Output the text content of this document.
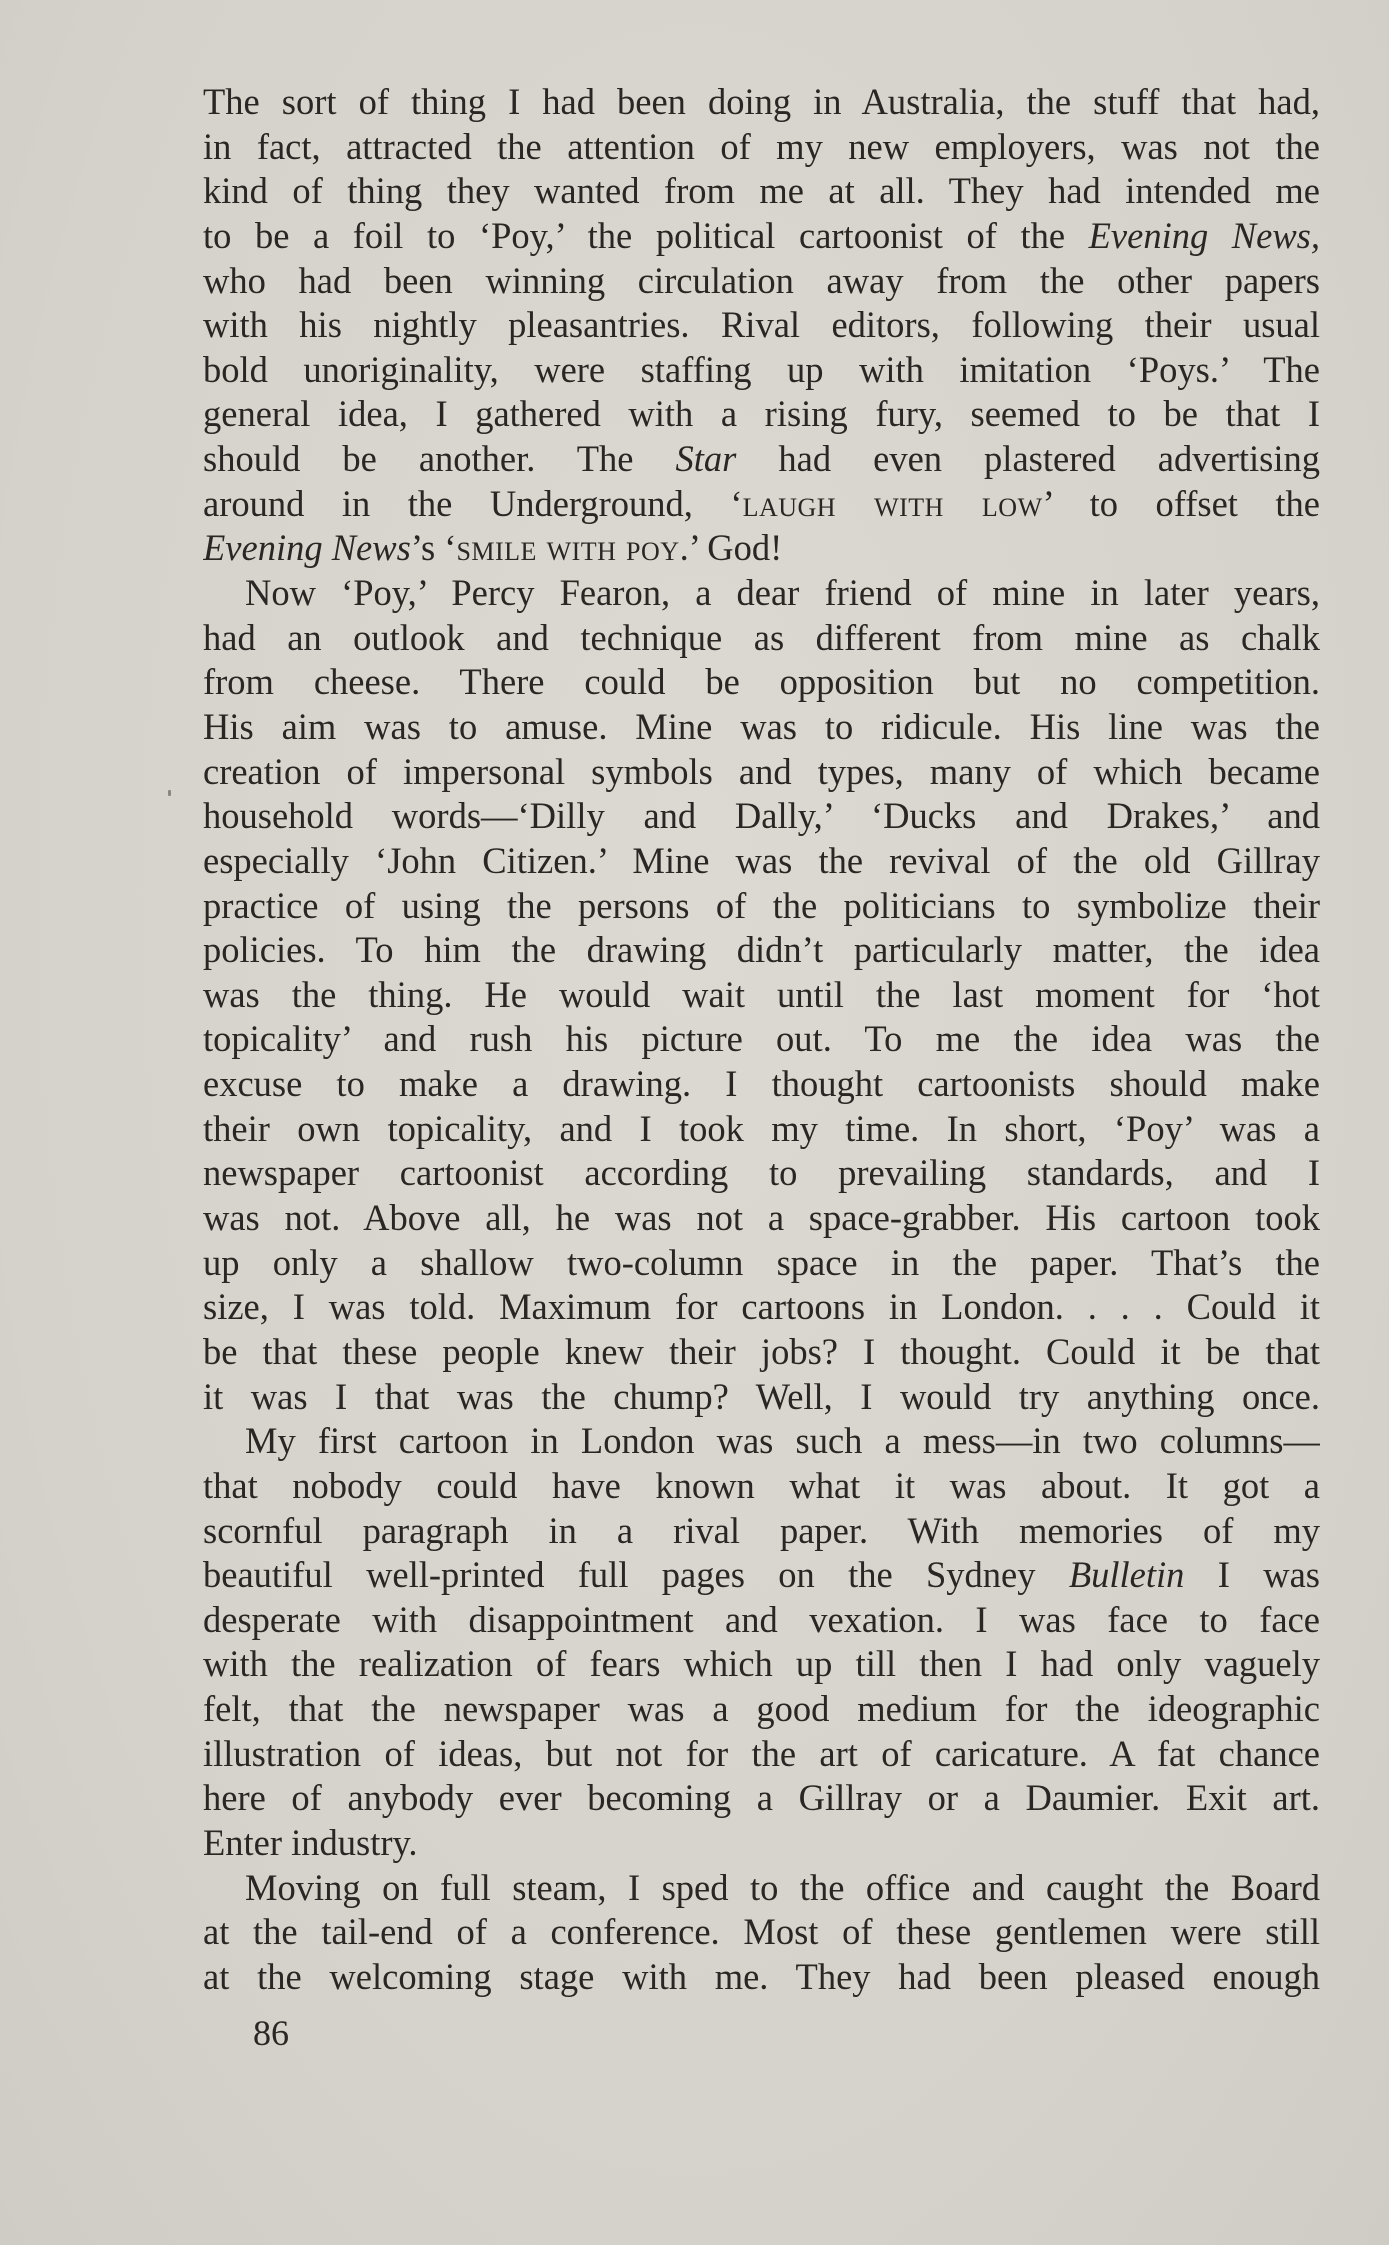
The sort of thing I had been doing in Australia, the stuff that had,
in fact, attracted the attention of my new employers, was not the
kind of thing they wanted from me at all. They had intended me
to be a foil to ‘Poy,’ the political cartoonist of the Evening News,
who had been winning circulation away from the other papers
with his nightly pleasantries. Rival editors, following their usual
bold unoriginality, were staffing up with imitation ‘Poys.’ The
general idea, I gathered with a rising fury, seemed to be that I
should be another. The Star had even plastered advertising
around in the Underground, ‘laugh with low’ to offset the
Evening News’s ‘smile with poy.’ God!
Now ‘Poy,’ Percy Fearon, a dear friend of mine in later years,
had an outlook and technique as different from mine as chalk
from cheese. There could be opposition but no competition.
His aim was to amuse. Mine was to ridicule. His line was the
creation of impersonal symbols and types, many of which became
household words—‘Dilly and Dally,’ ‘Ducks and Drakes,’ and
especially ‘John Citizen.’ Mine was the revival of the old Gillray
practice of using the persons of the politicians to symbolize their
policies. To him the drawing didn’t particularly matter, the idea
was the thing. He would wait until the last moment for ‘hot
topicality’ and rush his picture out. To me the idea was the
excuse to make a drawing. I thought cartoonists should make
their own topicality, and I took my time. In short, ‘Poy’ was a
newspaper cartoonist according to prevailing standards, and I
was not. Above all, he was not a space-grabber. His cartoon took
up only a shallow two-column space in the paper. That’s the
size, I was told. Maximum for cartoons in London. . . . Could it
be that these people knew their jobs? I thought. Could it be that
it was I that was the chump? Well, I would try anything once.
My first cartoon in London was such a mess—in two columns—
that nobody could have known what it was about. It got a
scornful paragraph in a rival paper. With memories of my
beautiful well-printed full pages on the Sydney Bulletin I was
desperate with disappointment and vexation. I was face to face
with the realization of fears which up till then I had only vaguely
felt, that the newspaper was a good medium for the ideographic
illustration of ideas, but not for the art of caricature. A fat chance
here of anybody ever becoming a Gillray or a Daumier. Exit art.
Enter industry.
Moving on full steam, I sped to the office and caught the Board
at the tail-end of a conference. Most of these gentlemen were still
at the welcoming stage with me. They had been pleased enough
86
